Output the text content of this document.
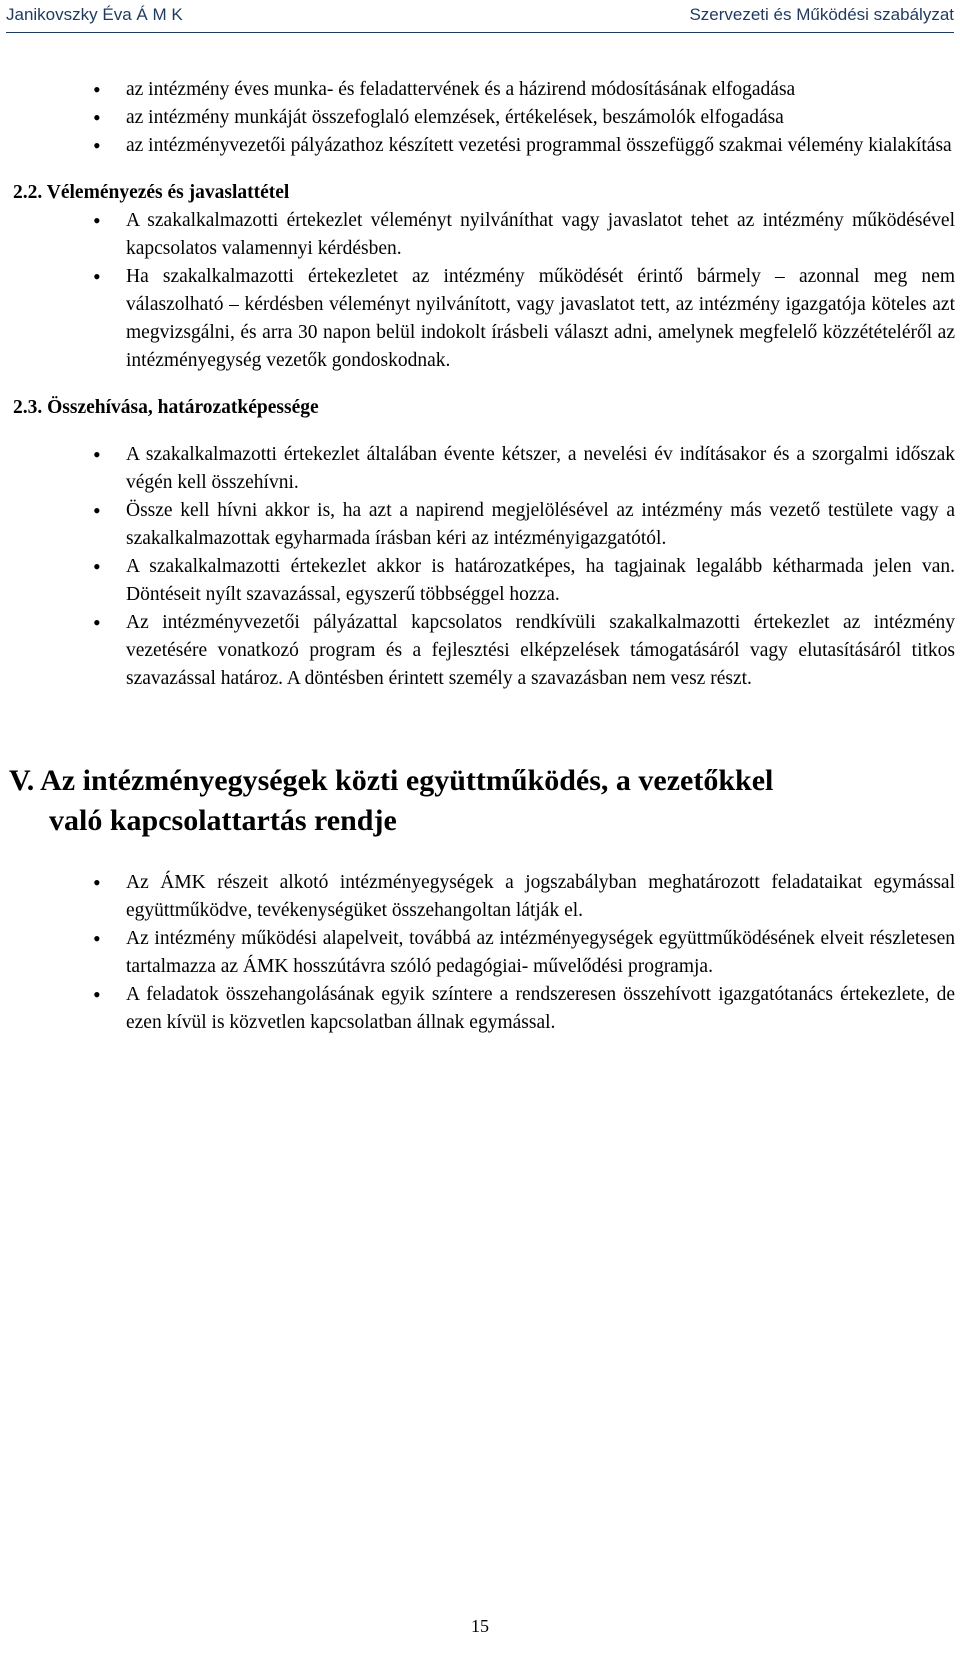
Janikovszky Éva Á M K	Szervezeti és Működési szabályzat
• az intézmény éves munka- és feladattervének és a házirend módosításának elfogadása
• az intézmény munkáját összefoglaló elemzések, értékelések, beszámolók elfogadása
• az intézményvezetői pályázathoz készített vezetési programmal összefüggő szakmai vélemény kialakítása
2.2. Véleményezés és javaslattétel
• A szakalkalmazotti értekezlet véleményt nyilváníthat vagy javaslatot tehet az intézmény működésével kapcsolatos valamennyi kérdésben.
• Ha szakalkalmazotti értekezletet az intézmény működését érintő bármely – azonnal meg nem válaszolható – kérdésben véleményt nyilvánított, vagy javaslatot tett, az intézmény igazgatója köteles azt megvizsgálni, és arra 30 napon belül indokolt írásbeli választ adni, amelynek megfelelő közzétételéről az intézményegység vezetők gondoskodnak.
2.3. Összehívása, határozatképessége
• A szakalkalmazotti értekezlet általában évente kétszer, a nevelési év indításakor és a szorgalmi időszak végén kell összehívni.
• Össze kell hívni akkor is, ha azt a napirend megjelölésével az intézmény más vezető testülete vagy a szakalkalmazottak egyharmada írásban kéri az intézményigazgatótól.
• A szakalkalmazotti értekezlet akkor is határozatképes, ha tagjainak legalább kétharmada jelen van. Döntéseit nyílt szavazással, egyszerű többséggel hozza.
• Az intézményvezetői pályázattal kapcsolatos rendkívüli szakalkalmazotti értekezlet az intézmény vezetésére vonatkozó program és a fejlesztési elképzelések támogatásáról vagy elutasításáról titkos szavazással határoz. A döntésben érintett személy a szavazásban nem vesz részt.
V. Az intézményegységek közti együttműködés, a vezetőkkel
való kapcsolattartás rendje
• Az ÁMK részeit alkotó intézményegységek a jogszabályban meghatározott feladataikat egymással együttműködve, tevékenységüket összehangoltan látják el.
• Az intézmény működési alapelveit, továbbá az intézményegységek együttműködésének elveit részletesen tartalmazza az ÁMK hosszútávra szóló pedagógiai- művelődési programja.
• A feladatok összehangolásának egyik színtere a rendszeresen összehívott igazgatótanács értekezlete, de ezen kívül is közvetlen kapcsolatban állnak egymással.
15
